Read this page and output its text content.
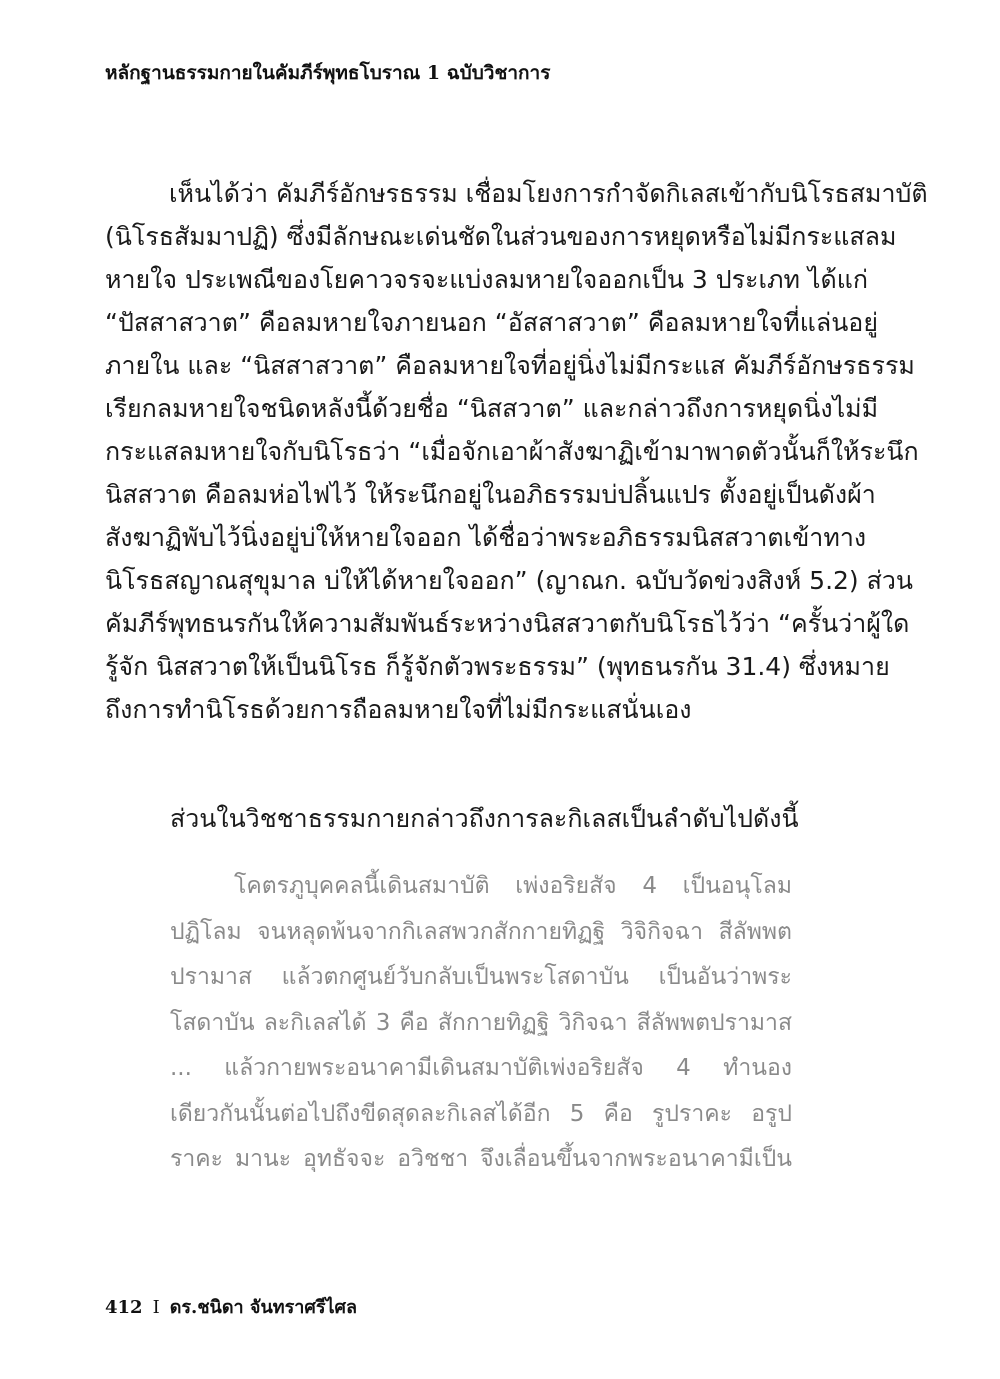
หลักฐานธรรมกายในคัมภีร์พุทธโบราณ 1 ฉบับวิชาการ
เห็นได้ว่า คัมภีร์อักษรธรรม เชื่อมโยงการกำจัดกิเลสเข้ากับนิโรธสมาบัติ
(นิโรธสัมมาปฏิ) ซึ่งมีลักษณะเด่นชัดในส่วนของการหยุดหรือไม่มีกระแสลม
หายใจ ประเพณีของโยคาวจรจะแบ่งลมหายใจออกเป็น 3 ประเภท ได้แก่
“ปัสสาสวาต” คือลมหายใจภายนอก “อัสสาสวาต” คือลมหายใจที่แล่นอยู่
ภายใน และ “นิสสาสวาต” คือลมหายใจที่อยู่นิ่งไม่มีกระแส คัมภีร์อักษรธรรม
เรียกลมหายใจชนิดหลังนี้ด้วยชื่อ “นิสสวาต” และกล่าวถึงการหยุดนิ่งไม่มี
กระแสลมหายใจกับนิโรธว่า “เมื่อจักเอาผ้าสังฆาฏิเข้ามาพาดตัวนั้นก็ให้ระนึก
นิสสวาต คือลมห่อไฟไว้ ให้ระนึกอยู่ในอภิธรรมบ่ปลิ้นแปร ตั้งอยู่เป็นดังผ้า
สังฆาฏิพับไว้นิ่งอยู่บ่ให้หายใจออก ได้ชื่อว่าพระอภิธรรมนิสสวาตเข้าทาง
นิโรธสญาณสุขุมาล บ่ให้ได้หายใจออก” (ญาณก. ฉบับวัดข่วงสิงห์ 5.2) ส่วน
คัมภีร์พุทธนรกันให้ความสัมพันธ์ระหว่างนิสสวาตกับนิโรธไว้ว่า “ครั้นว่าผู้ใด
รู้จัก นิสสวาตให้เป็นนิโรธ ก็รู้จักตัวพระธรรม” (พุทธนรกัน 31.4) ซึ่งหมาย
ถึงการทำนิโรธด้วยการถือลมหายใจที่ไม่มีกระแสนั่นเอง
ส่วนในวิชชาธรรมกายกล่าวถึงการละกิเลสเป็นลำดับไปดังนี้
โคตรภูบุคคลนี้เดินสมาบัติ เพ่งอริยสัจ 4 เป็นอนุโลม
ปฏิโลม จนหลุดพ้นจากกิเลสพวกสักกายทิฏฐิ วิจิกิจฉา สีลัพพต
ปรามาส แล้วตกศูนย์วับกลับเป็นพระโสดาบัน เป็นอันว่าพระ
โสดาบัน ละกิเลสได้ 3 คือ สักกายทิฏฐิ วิกิจฉา สีลัพพตปรามาส
... แล้วกายพระอนาคามีเดินสมาบัติเพ่งอริยสัจ 4 ทำนอง
เดียวกันนั้นต่อไปถึงขีดสุดละกิเลสได้อีก 5 คือ รูปราคะ อรูป
ราคะ มานะ อุทธัจจะ อวิชชา จึงเลื่อนขึ้นจากพระอนาคามีเป็น
412 I ดร.ชนิดา จันทราศรีไศล
